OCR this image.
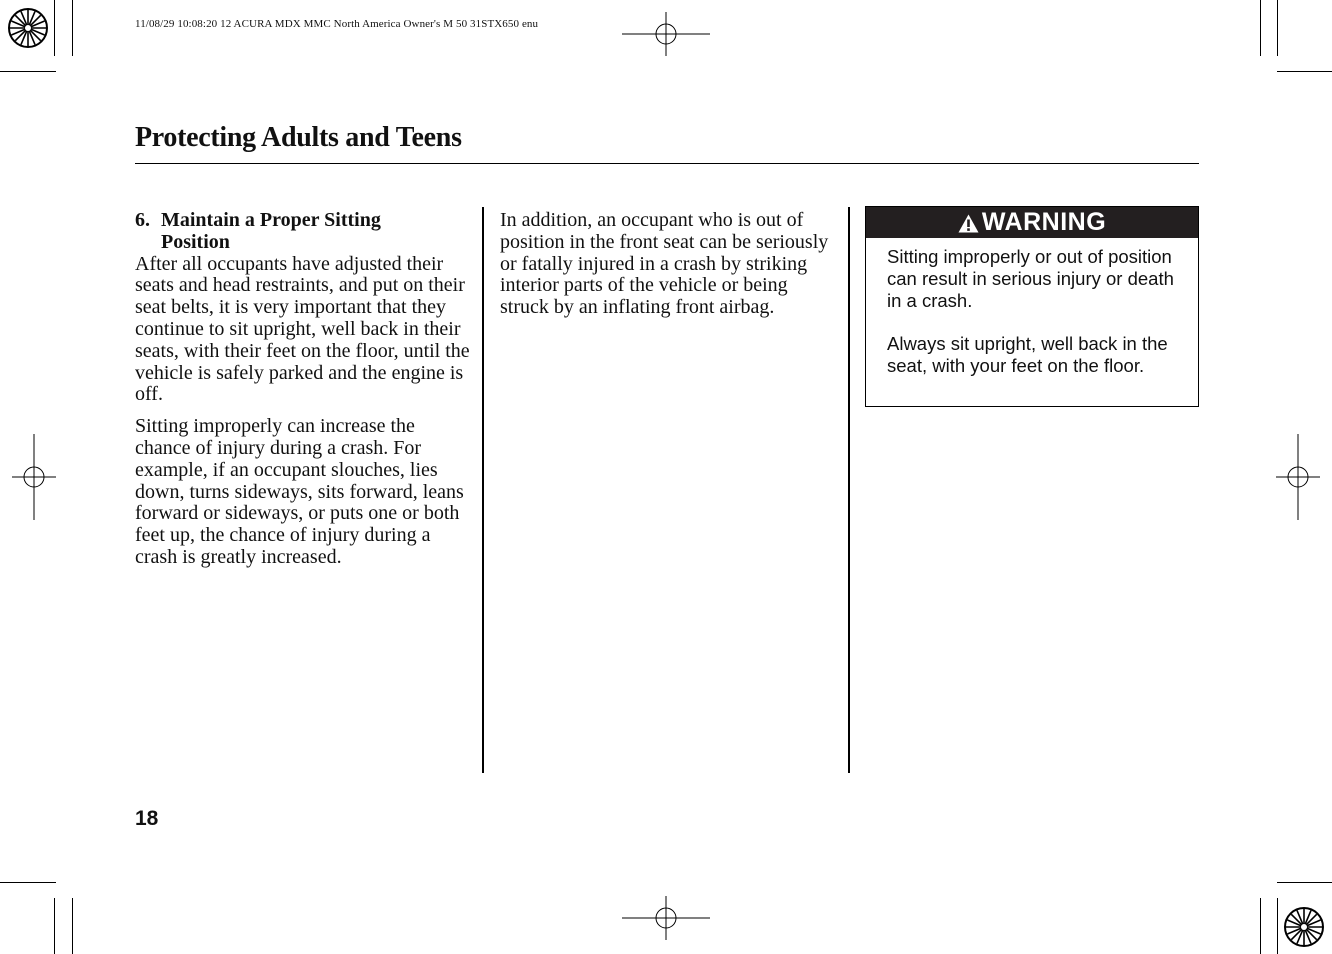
11/08/29 10:08:20 12 ACURA MDX MMC North America Owner's M 50 31STX650 enu
Protecting Adults and Teens
6. Maintain a Proper Sitting
Position

After all occupants have adjusted their seats and head restraints, and put on their seat belts, it is very important that they continue to sit upright, well back in their seats, with their feet on the floor, until the vehicle is safely parked and the engine is off.

Sitting improperly can increase the chance of injury during a crash. For example, if an occupant slouches, lies down, turns sideways, sits forward, leans forward or sideways, or puts one or both feet up, the chance of injury during a crash is greatly increased.

In addition, an occupant who is out of position in the front seat can be seriously or fatally injured in a crash by striking interior parts of the vehicle or being struck by an inflating front airbag.

WARNING

Sitting improperly or out of position can result in serious injury or death in a crash.

Always sit upright, well back in the seat, with your feet on the floor.

18
